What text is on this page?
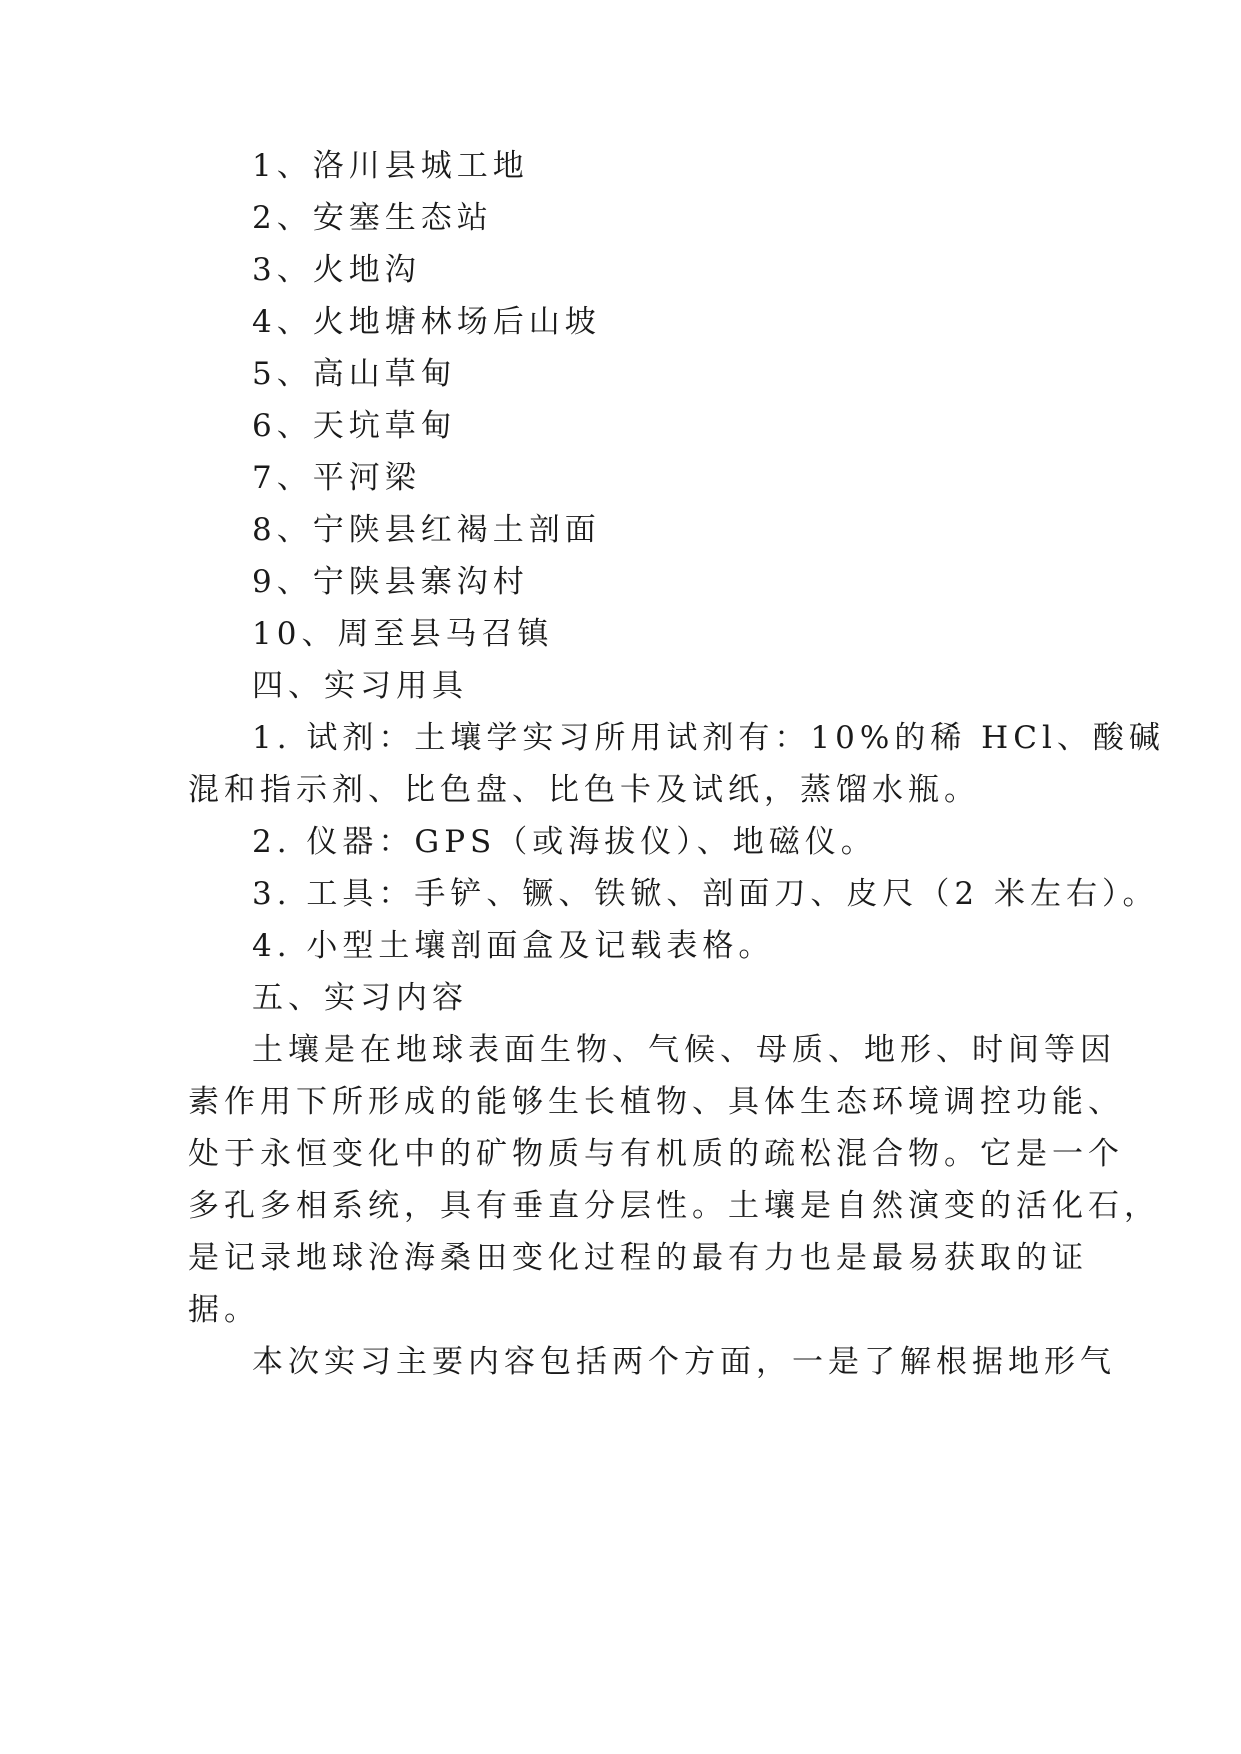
1、洛川县城工地
2、安塞生态站
3、火地沟
4、火地塘林场后山坡
5、高山草甸
6、天坑草甸
7、平河梁
8、宁陕县红褐土剖面
9、宁陕县寨沟村
10、周至县马召镇
四、实习用具
1. 试剂：土壤学实习所用试剂有：10%的稀 HCl、酸碱
混和指示剂、比色盘、比色卡及试纸，蒸馏水瓶。
2. 仪器：GPS（或海拔仪）、地磁仪。
3. 工具：手铲、镢、铁锨、剖面刀、皮尺（2 米左右）。
4. 小型土壤剖面盒及记载表格。
五、实习内容
土壤是在地球表面生物、气候、母质、地形、时间等因
素作用下所形成的能够生长植物、具体生态环境调控功能、
处于永恒变化中的矿物质与有机质的疏松混合物。它是一个
多孔多相系统，具有垂直分层性。土壤是自然演变的活化石，
是记录地球沧海桑田变化过程的最有力也是最易获取的证
据。
本次实习主要内容包括两个方面，一是了解根据地形气
